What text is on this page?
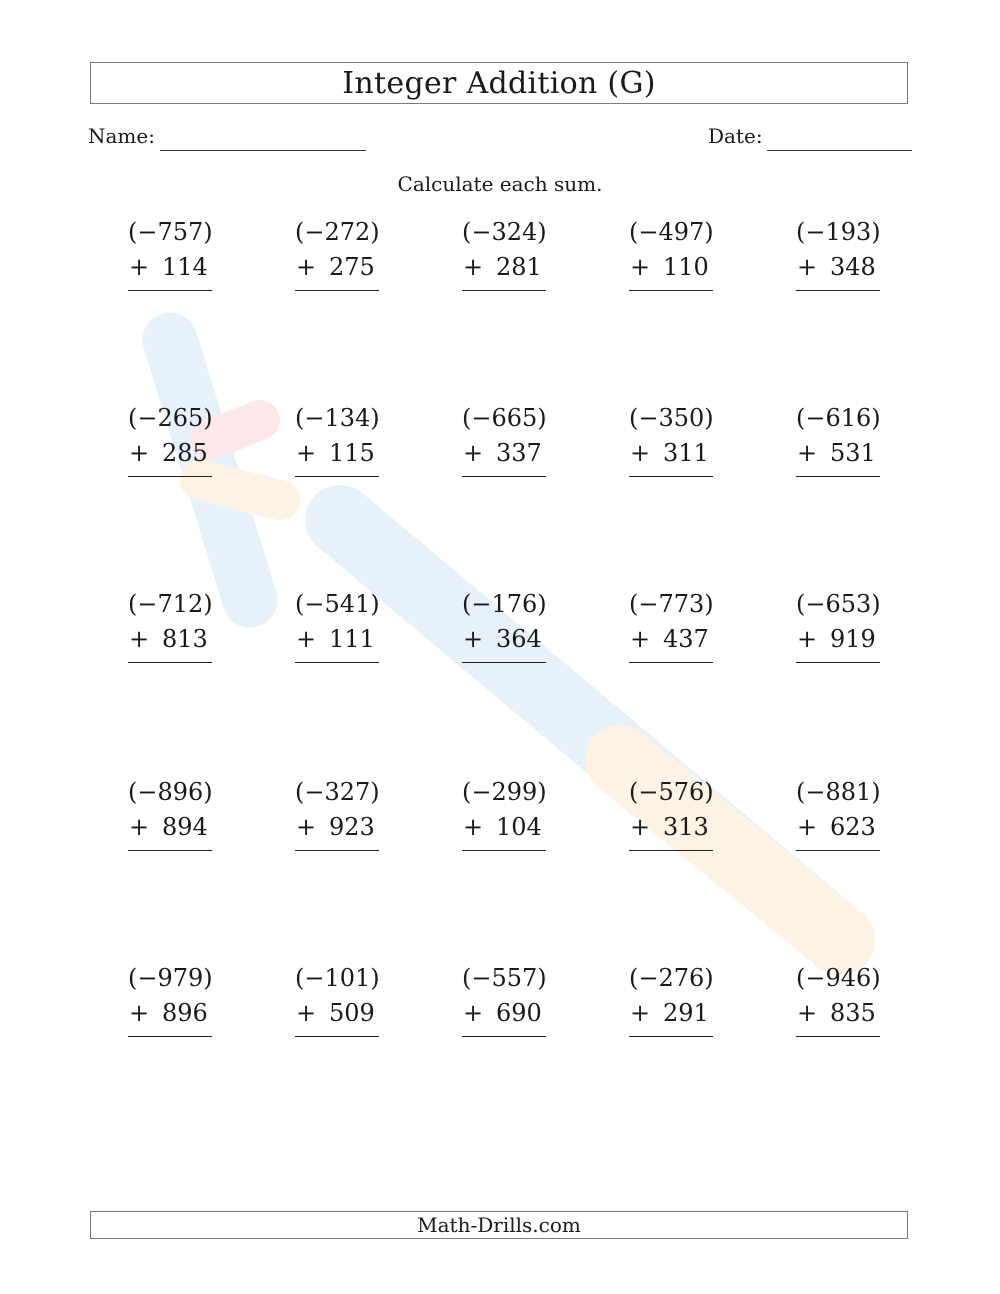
Integer Addition (G)
Name:	Date:
Calculate each sum.
(−757)
+ 114
(−272)
+ 275
(−324)
+ 281
(−497)
+ 110
(−193)
+ 348
(−265)
+ 285
(−134)
+ 115
(−665)
+ 337
(−350)
+ 311
(−616)
+ 531
(−712)
+ 813
(−541)
+ 111
(−176)
+ 364
(−773)
+ 437
(−653)
+ 919
(−896)
+ 894
(−327)
+ 923
(−299)
+ 104
(−576)
+ 313
(−881)
+ 623
(−979)
+ 896
(−101)
+ 509
(−557)
+ 690
(−276)
+ 291
(−946)
+ 835
Math-Drills.com
